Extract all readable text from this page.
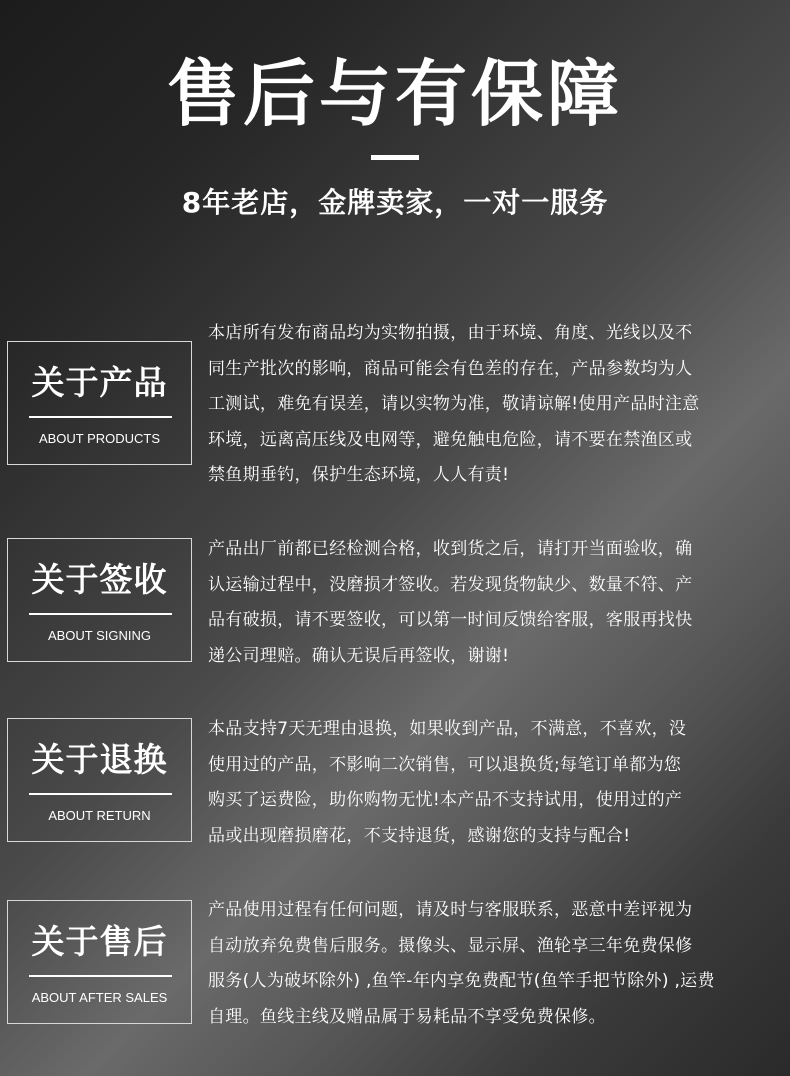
售后与有保障
8年老店，金牌卖家，一对一服务
关于产品
ABOUT PRODUCTS
本店所有发布商品均为实物拍摄，由于环境、角度、光线以及不
同生产批次的影响，商品可能会有色差的存在，产品参数均为人
工测试，难免有误差，请以实物为准，敬请谅解!使用产品时注意
环境，远离高压线及电网等，避免触电危险，请不要在禁渔区或
禁鱼期垂钓，保护生态环境，人人有责!
关于签收
ABOUT SIGNING
产品出厂前都已经检测合格，收到货之后，请打开当面验收，确
认运输过程中，没磨损才签收。若发现货物缺少、数量不符、产
品有破损，请不要签收，可以第一时间反馈给客服，客服再找快
递公司理赔。确认无误后再签收，谢谢!
关于退换
ABOUT RETURN
本品支持7天无理由退换，如果收到产品，不满意，不喜欢，没
使用过的产品，不影响二次销售，可以退换货;每笔订单都为您
购买了运费险，助你购物无忧!本产品不支持试用，使用过的产
品或出现磨损磨花，不支持退货，感谢您的支持与配合!
关于售后
ABOUT AFTER SALES
产品使用过程有任何问题，请及时与客服联系，恶意中差评视为
自动放弃免费售后服务。摄像头、显示屏、渔轮享三年免费保修
服务(人为破坏除外) ,鱼竿-年内享免费配节(鱼竿手把节除外) ,运费
自理。鱼线主线及赠品属于易耗品不享受免费保修。
